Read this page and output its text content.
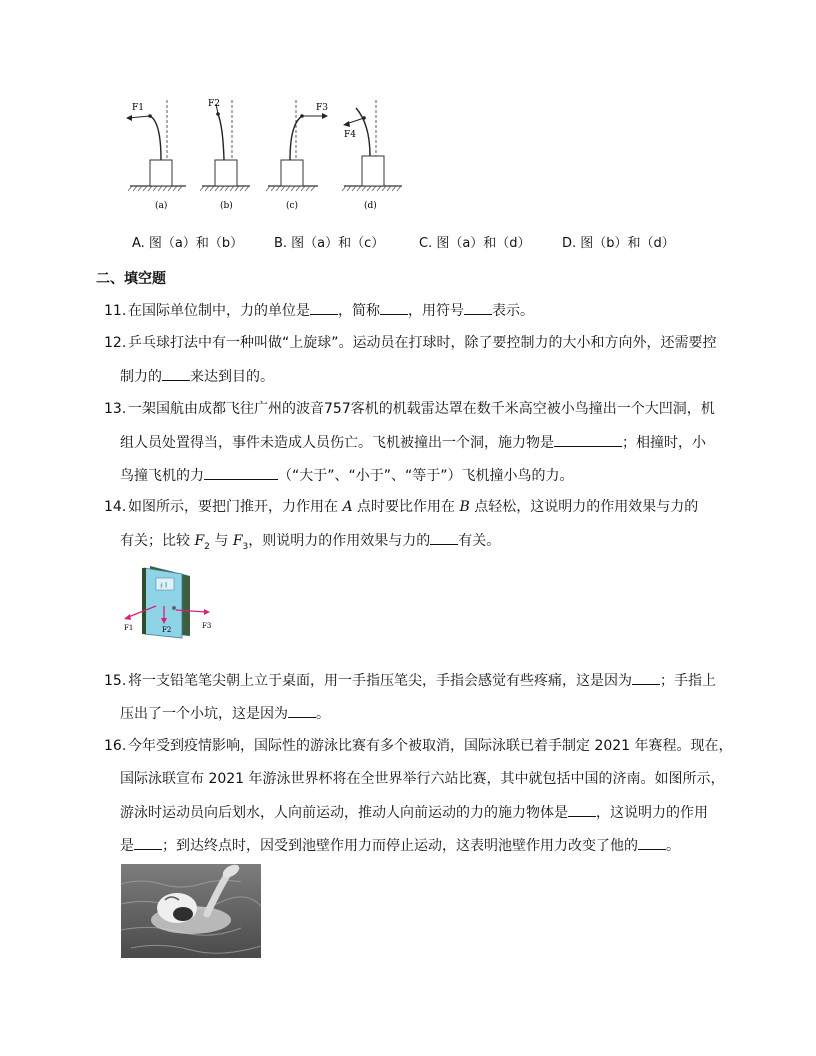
F1
(a)
F2
(b)
F3
(c)
F4
(d)
A. 图（a）和（b） B. 图（a）和（c）	C. 图（a）和（d） D. 图（b）和（d）
二、填空题
11. 在国际单位制中，力的单位是 ，简称 ，用符号 表示。
12. 乒乓球打法中有一种叫做“上旋球”。运动员在打球时，除了要控制力的大小和方向外，还需要控
制力的 来达到目的。
13. 一架国航由成都飞往广州的波音757客机的机载雷达罩在数千米高空被小鸟撞出一个大凹洞，机
组人员处置得当，事件未造成人员伤亡。飞机被撞出一个洞，施力物是	；相撞时，小
鸟撞飞机的力	（“大于”、“小于”、“等于”）飞机撞小鸟的力。
14. 如图所示，要把门推开，力作用在 A 点时要比作用在 B 点轻松，这说明力的作用效果与力的
有关；比较 $F_2$ 与 $F_3$，则说明力的作用效果与力的 有关。
∮ ∥
F1	F2	F3
15. 将一支铅笔笔尖朝上立于桌面，用一手指压笔尖，手指会感觉有些疼痛，这是因为 ；手指上
压出了一个小坑，这是因为 。
16. 今年受到疫情影响，国际性的游泳比赛有多个被取消，国际泳联已着手制定 2021 年赛程。现在，
国际泳联宣布 2021 年游泳世界杯将在全世界举行六站比赛，其中就包括中国的济南。如图所示，
游泳时运动员向后划水，人向前运动，推动人向前运动的力的施力物体是 ，这说明力的作用
是 ；到达终点时，因受到池壁作用力而停止运动，这表明池壁作用力改变了他的 。
